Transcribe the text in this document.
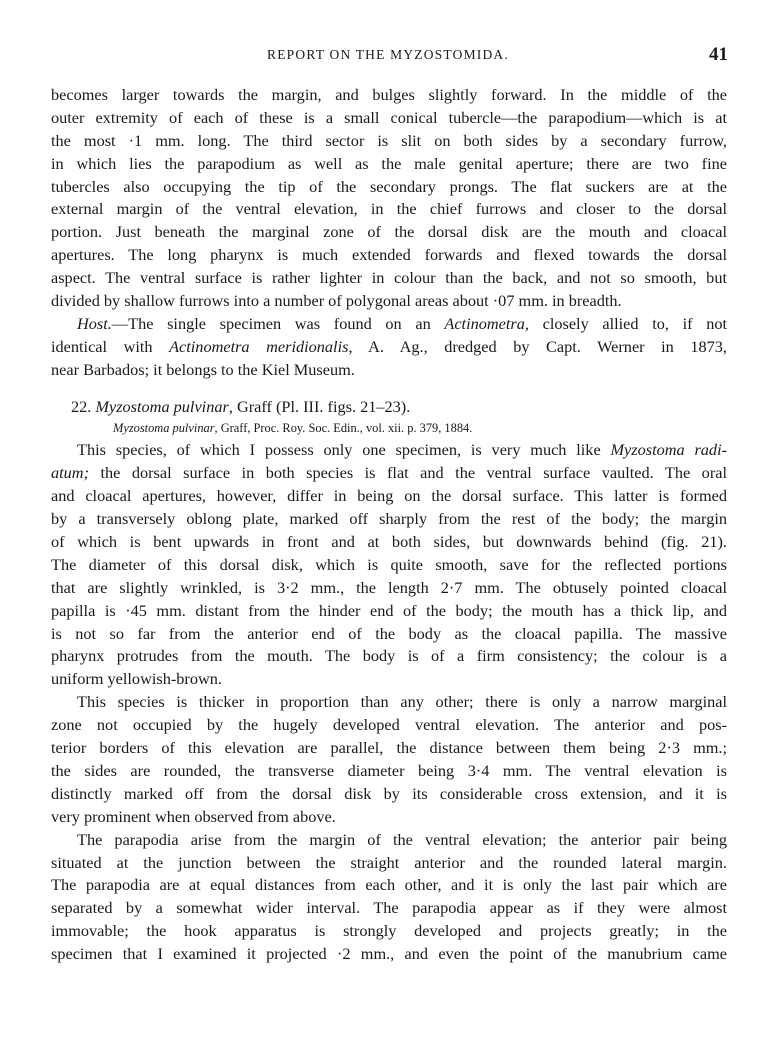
REPORT ON THE MYZOSTOMIDA.	41
becomes larger towards the margin, and bulges slightly forward. In the middle of the
outer extremity of each of these is a small conical tubercle—the parapodium—which is at
the most ·1 mm. long. The third sector is slit on both sides by a secondary furrow,
in which lies the parapodium as well as the male genital aperture; there are two fine
tubercles also occupying the tip of the secondary prongs. The flat suckers are at the
external margin of the ventral elevation, in the chief furrows and closer to the dorsal
portion. Just beneath the marginal zone of the dorsal disk are the mouth and cloacal
apertures. The long pharynx is much extended forwards and flexed towards the dorsal
aspect. The ventral surface is rather lighter in colour than the back, and not so smooth, but
divided by shallow furrows into a number of polygonal areas about ·07 mm. in breadth.
Host.—The single specimen was found on an Actinometra, closely allied to, if not
identical with Actinometra meridionalis, A. Ag., dredged by Capt. Werner in 1873,
near Barbados; it belongs to the Kiel Museum.
22. Myzostoma pulvinar, Graff (Pl. III. figs. 21–23).
Myzostoma pulvinar, Graff, Proc. Roy. Soc. Edin., vol. xii. p. 379, 1884.
This species, of which I possess only one specimen, is very much like Myzostoma radi-
atum; the dorsal surface in both species is flat and the ventral surface vaulted. The oral
and cloacal apertures, however, differ in being on the dorsal surface. This latter is formed
by a transversely oblong plate, marked off sharply from the rest of the body; the margin
of which is bent upwards in front and at both sides, but downwards behind (fig. 21).
The diameter of this dorsal disk, which is quite smooth, save for the reflected portions
that are slightly wrinkled, is 3·2 mm., the length 2·7 mm. The obtusely pointed cloacal
papilla is ·45 mm. distant from the hinder end of the body; the mouth has a thick lip, and
is not so far from the anterior end of the body as the cloacal papilla. The massive
pharynx protrudes from the mouth. The body is of a firm consistency; the colour is a
uniform yellowish-brown.
This species is thicker in proportion than any other; there is only a narrow marginal
zone not occupied by the hugely developed ventral elevation. The anterior and pos-
terior borders of this elevation are parallel, the distance between them being 2·3 mm.;
the sides are rounded, the transverse diameter being 3·4 mm. The ventral elevation is
distinctly marked off from the dorsal disk by its considerable cross extension, and it is
very prominent when observed from above.
The parapodia arise from the margin of the ventral elevation; the anterior pair being
situated at the junction between the straight anterior and the rounded lateral margin.
The parapodia are at equal distances from each other, and it is only the last pair which are
separated by a somewhat wider interval. The parapodia appear as if they were almost
immovable; the hook apparatus is strongly developed and projects greatly; in the
specimen that I examined it projected ·2 mm., and even the point of the manubrium came
